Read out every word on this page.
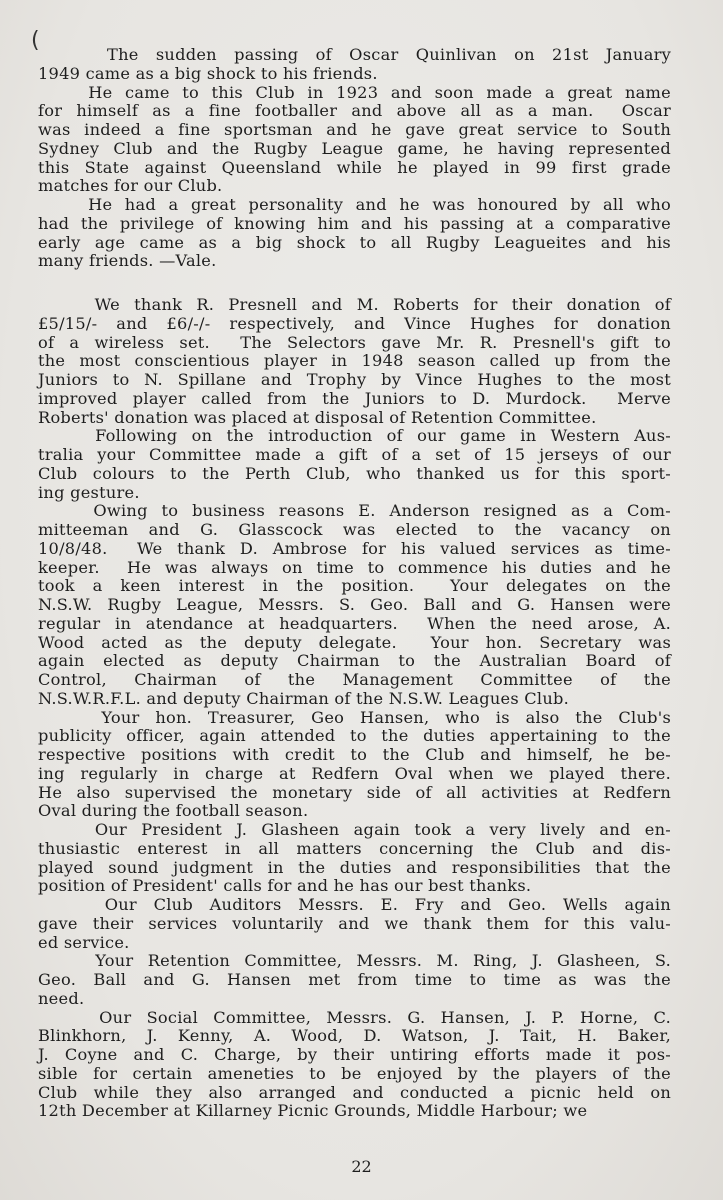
(

The sudden passing of Oscar Quinlivan on 21st January

1949 came as a big shock to his friends.

He came to this Club in 1923 and soon made a great name

for himself as a fine footballer and above all as a man.  Oscar

was indeed a fine sportsman and he gave great service to South

Sydney Club and the Rugby League game, he having represented

this State against Queensland while he played in 99 first grade

matches for our Club.

He had a great personality and he was honoured by all who

had the privilege of knowing him and his passing at a comparative

early age came as a big shock to all Rugby Leagueites and his

many friends. —Vale.

We thank R. Presnell and M. Roberts for their donation of

£5/15/- and £6/-/- respectively, and Vince Hughes for donation

of a wireless set.  The Selectors gave Mr. R. Presnell's gift to

the most conscientious player in 1948 season called up from the

Juniors to N. Spillane and Trophy by Vince Hughes to the most

improved player called from the Juniors to D. Murdock.  Merve

Roberts' donation was placed at disposal of Retention Committee.

Following on the introduction of our game in Western Aus-

tralia your Committee made a gift of a set of 15 jerseys of our

Club colours to the Perth Club, who thanked us for this sport-

ing gesture.

Owing to business reasons E. Anderson resigned as a Com-

mitteeman and G. Glasscock was elected to the vacancy on

10/8/48.  We thank D. Ambrose for his valued services as time-

keeper.  He was always on time to commence his duties and he

took a keen interest in the position.  Your delegates on the

N.S.W. Rugby League, Messrs. S. Geo. Ball and G. Hansen were

regular in atendance at headquarters.  When the need arose, A.

Wood acted as the deputy delegate.  Your hon. Secretary was

again elected as deputy Chairman to the Australian Board of

Control, Chairman of the Management Committee of the

N.S.W.R.F.L. and deputy Chairman of the N.S.W. Leagues Club.

Your hon. Treasurer, Geo Hansen, who is also the Club's

publicity officer, again attended to the duties appertaining to the

respective positions with credit to the Club and himself, he be-

ing regularly in charge at Redfern Oval when we played there.

He also supervised the monetary side of all activities at Redfern

Oval during the football season.

Our President J. Glasheen again took a very lively and en-

thusiastic enterest in all matters concerning the Club and dis-

played sound judgment in the duties and responsibilities that the

position of President' calls for and he has our best thanks.

Our Club Auditors Messrs. E. Fry and Geo. Wells again

gave their services voluntarily and we thank them for this valu-

ed service.

Your Retention Committee, Messrs. M. Ring, J. Glasheen, S.

Geo. Ball and G. Hansen met from time to time as was the

need.

Our Social Committee, Messrs. G. Hansen, J. P. Horne, C.

Blinkhorn, J. Kenny, A. Wood, D. Watson, J. Tait, H. Baker,

J. Coyne and C. Charge, by their untiring efforts made it pos-

sible for certain ameneties to be enjoyed by the players of the

Club while they also arranged and conducted a picnic held on

12th December at Killarney Picnic Grounds, Middle Harbour; we

22
